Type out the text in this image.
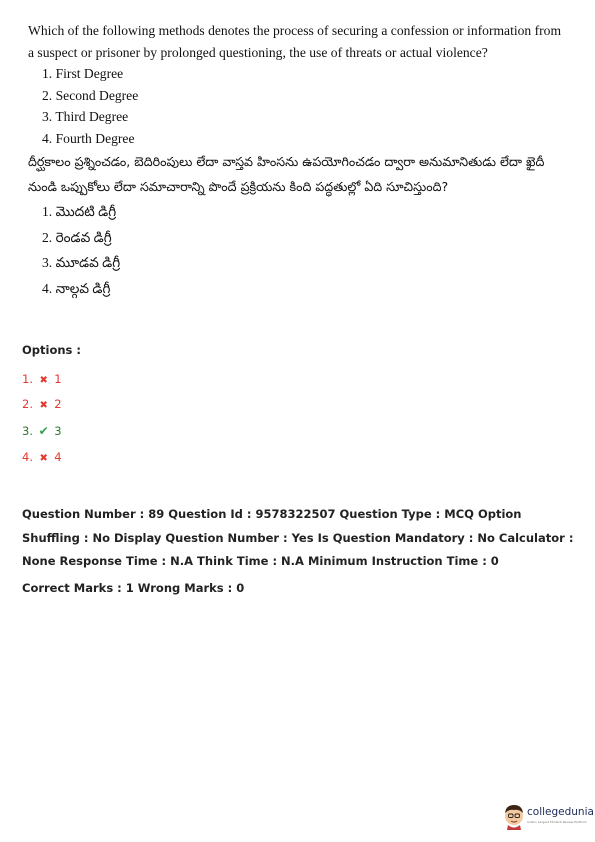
Which of the following methods denotes the process of securing a confession or information from a suspect or prisoner by prolonged questioning, the use of threats or actual violence?

1. First Degree
2. Second Degree
3. Third Degree
4. Fourth Degree

దీర్ఘకాలం ప్రశ్నించడం, బెదిరింపులు లేదా వాస్తవ హింసను ఉపయోగించడం ద్వారా అనుమానితుడు లేదా ఖైదీ నుండి ఒప్పుకోలు లేదా సమాచారాన్ని పొందే ప్రక్రియను కింది పద్ధతుల్లో ఏది సూచిస్తుంది?

1. మొదటి డిగ్రీ
2. రెండవ డిగ్రీ
3. మూడవ డిగ్రీ
4. నాల్గవ డిగ్రీ
Options :
1. ✖ 1
2. ✖ 2
3. ✔ 3
4. ✖ 4

Question Number : 89 Question Id : 9578322507 Question Type : MCQ Option Shuffling : No Display Question Number : Yes Is Question Mandatory : No Calculator : None Response Time : N.A Think Time : N.A Minimum Instruction Time : 0

Correct Marks : 1 Wrong Marks : 0

collegedunia
India's Largest Student Review Platform
